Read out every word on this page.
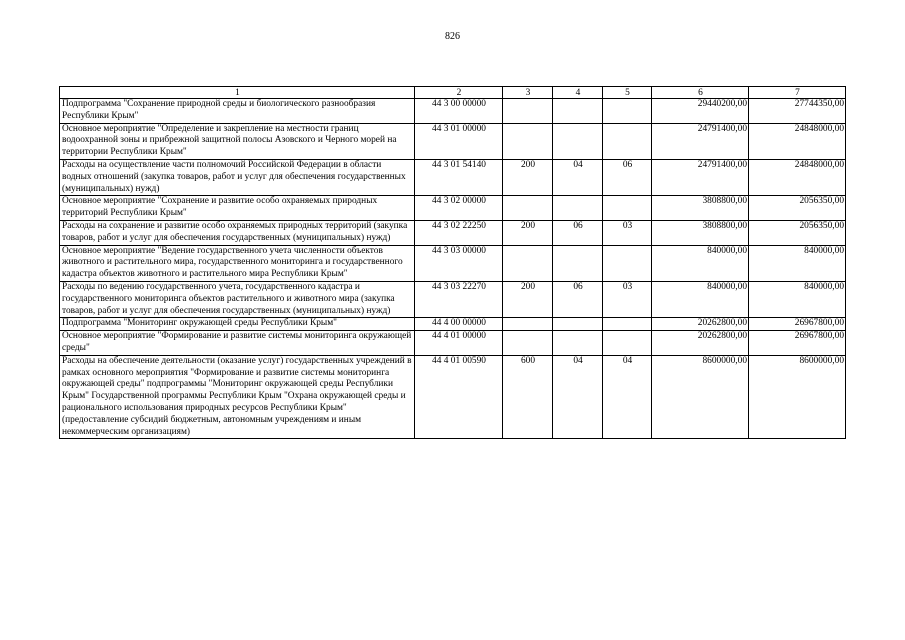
826
1	2	3	4	5	6	7
Подпрограмма "Сохранение природной среды и биологического разнообразия Республики Крым"	44 3 00 00000				29440200,00	27744350,00
Основное мероприятие "Определение и закрепление на местности границ водоохранной зоны и прибрежной защитной полосы Азовского и Черного морей на территории Республики Крым"	44 3 01 00000				24791400,00	24848000,00
Расходы на осуществление части полномочий Российской Федерации в области водных отношений (закупка товаров, работ и услуг для обеспечения государственных (муниципальных) нужд)	44 3 01 54140	200	04	06	24791400,00	24848000,00
Основное мероприятие "Сохранение и развитие особо охраняемых природных территорий Республики Крым"	44 3 02 00000				3808800,00	2056350,00
Расходы на сохранение и развитие особо охраняемых природных территорий (закупка товаров, работ и услуг для обеспечения государственных (муниципальных) нужд)	44 3 02 22250	200	06	03	3808800,00	2056350,00
Основное мероприятие "Ведение государственного учета численности объектов животного и растительного мира, государственного мониторинга и государственного кадастра объектов животного и растительного мира Республики Крым"	44 3 03 00000				840000,00	840000,00
Расходы по ведению государственного учета, государственного кадастра и государственного мониторинга объектов растительного и животного мира (закупка товаров, работ и услуг для обеспечения государственных (муниципальных) нужд)	44 3 03 22270	200	06	03	840000,00	840000,00
Подпрограмма "Мониторинг окружающей среды Республики Крым"	44 4 00 00000				20262800,00	26967800,00
Основное мероприятие "Формирование и развитие системы мониторинга окружающей среды"	44 4 01 00000				20262800,00	26967800,00
Расходы на обеспечение деятельности (оказание услуг) государственных учреждений в рамках основного мероприятия "Формирование и развитие системы мониторинга окружающей среды" подпрограммы "Мониторинг окружающей среды Республики Крым" Государственной программы Республики Крым "Охрана окружающей среды и рационального использования природных ресурсов Республики Крым" (предоставление субсидий бюджетным, автономным учреждениям и иным некоммерческим организациям)	44 4 01 00590	600	04	04	8600000,00	8600000,00
